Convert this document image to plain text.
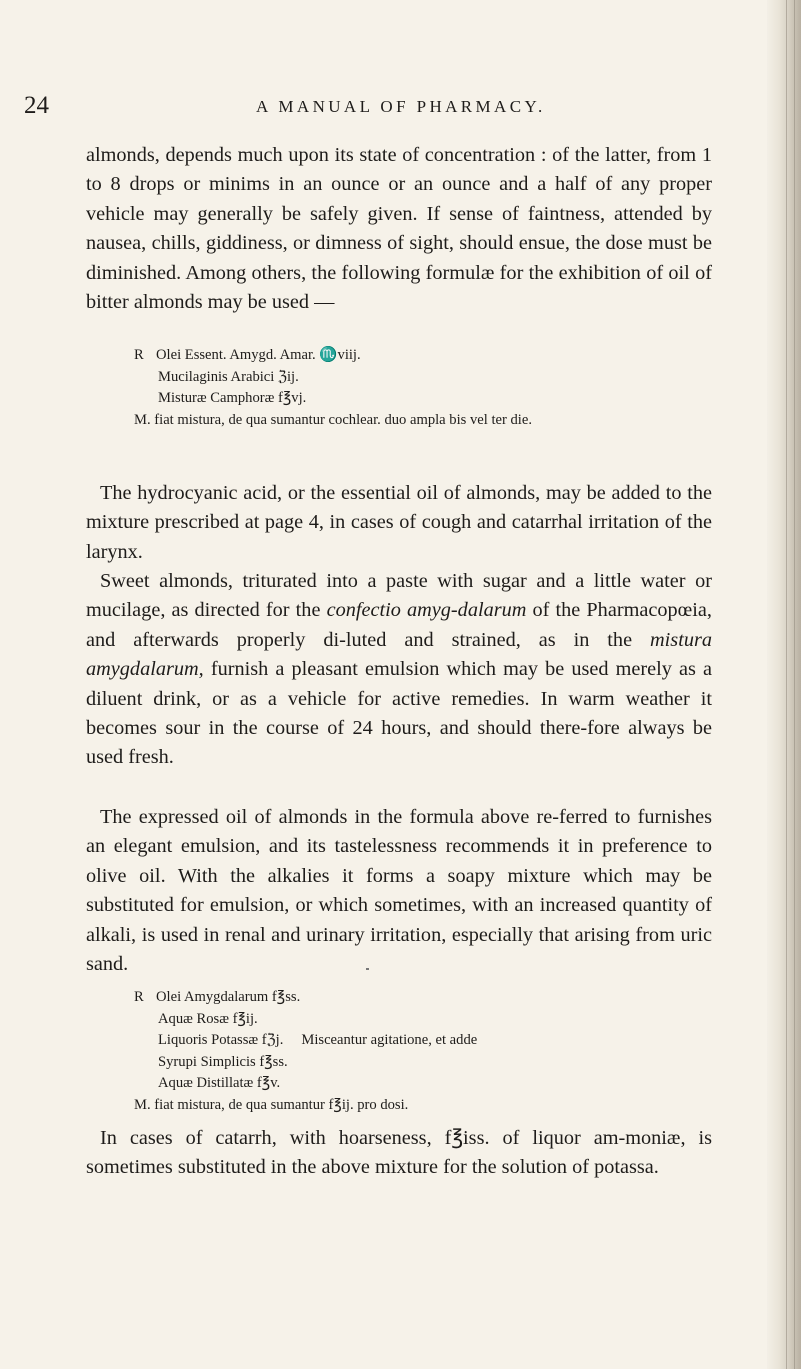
24	A MANUAL OF PHARMACY.

almonds, depends much upon its state of concentration : of the latter, from 1 to 8 drops or minims in an ounce or an ounce and a half of any proper vehicle may generally be safely given. If sense of faintness, attended by nausea, chills, giddiness, or dimness of sight, should ensue, the dose must be diminished. Among others, the following formulæ for the exhibition of oil of bitter almonds may be used —

R Olei Essent. Amygd. Amar. ♏viij.
Mucilaginis Arabici ℨij.
Misturæ Camphoræ f℥vj.
M. fiat mistura, de qua sumantur cochlear. duo ampla bis vel ter die.

The hydrocyanic acid, or the essential oil of almonds, may be added to the mixture prescribed at page 4, in cases of cough and catarrhal irritation of the larynx.

Sweet almonds, triturated into a paste with sugar and a little water or mucilage, as directed for the confectio amyg-dalarum of the Pharmacopœia, and afterwards properly di-luted and strained, as in the mistura amygdalarum, furnish a pleasant emulsion which may be used merely as a diluent drink, or as a vehicle for active remedies. In warm weather it becomes sour in the course of 24 hours, and should there-fore always be used fresh.

The expressed oil of almonds in the formula above re-ferred to furnishes an elegant emulsion, and its tastelessness recommends it in preference to olive oil. With the alkalies it forms a soapy mixture which may be substituted for emulsion, or which sometimes, with an increased quantity of alkali, is used in renal and urinary irritation, especially that arising from uric sand.

R Olei Amygdalarum f℥ss.
Aquæ Rosæ f℥ij.
Liquoris Potassæ fℨj. Misceantur agitatione, et adde
Syrupi Simplicis f℥ss.
Aquæ Distillatæ f℥v.
M. fiat mistura, de qua sumantur f℥ij. pro dosi.

In cases of catarrh, with hoarseness, f℥iss. of liquor am-moniæ, is sometimes substituted in the above mixture for the solution of potassa.
